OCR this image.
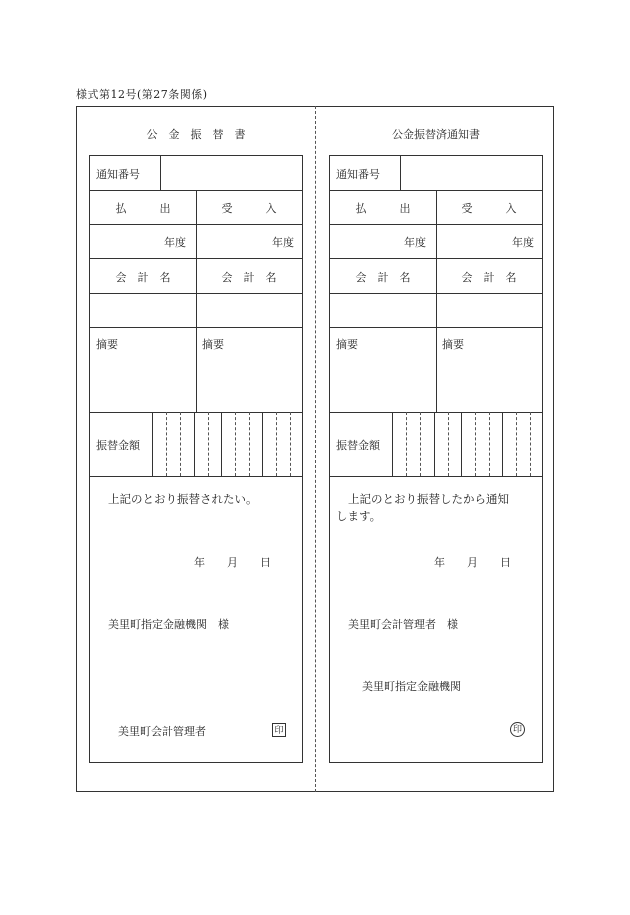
様式第12号(第27条関係)
公　金　振　替　書
通知番号
払　　　出	受　　　入
年度	年度
会　計　名	会　計　名
摘要	摘要
振替金額
上記のとおり振替されたい。
年　　月　　日
美里町指定金融機関　様
美里町会計管理者	印
公金振替済通知書
通知番号
払　　　出	受　　　入
年度	年度
会　計　名	会　計　名
摘要	摘要
振替金額
上記のとおり振替したから通知
します。
年　　月　　日
美里町会計管理者　様
美里町指定金融機関
印
